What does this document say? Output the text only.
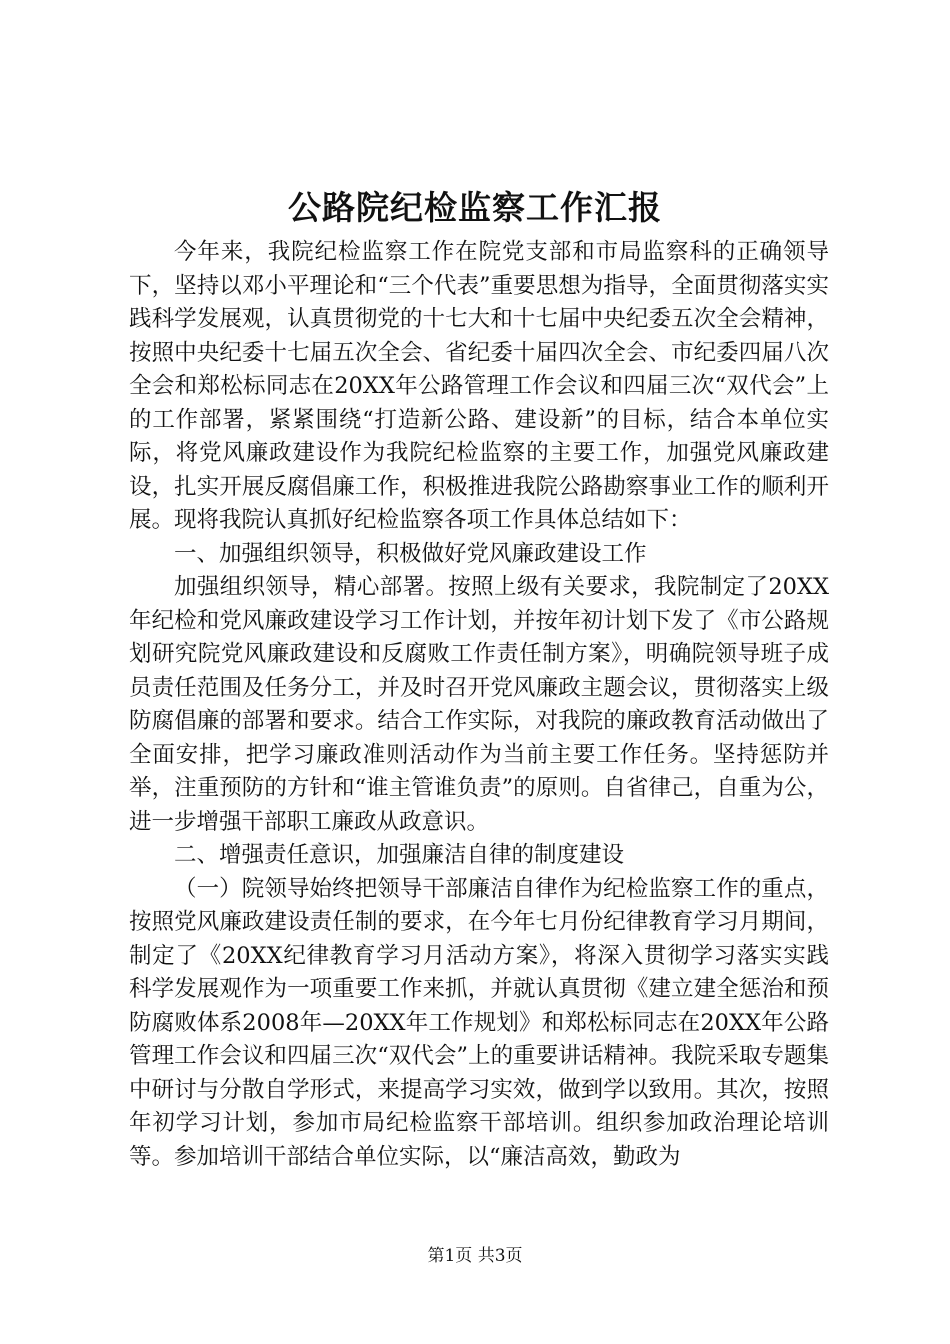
公路院纪检监察工作汇报

今年来，我院纪检监察工作在院党支部和市局监察科的正确领导下，坚持以邓小平理论和“三个代表”重要思想为指导，全面贯彻落实实践科学发展观，认真贯彻党的十七大和十七届中央纪委五次全会精神，按照中央纪委十七届五次全会、省纪委十届四次全会、市纪委四届八次全会和郑松标同志在20XX年公路管理工作会议和四届三次“双代会”上的工作部署，紧紧围绕“打造新公路、建设新”的目标，结合本单位实际，将党风廉政建设作为我院纪检监察的主要工作，加强党风廉政建设，扎实开展反腐倡廉工作，积极推进我院公路勘察事业工作的顺利开展。现将我院认真抓好纪检监察各项工作具体总结如下：

一、加强组织领导，积极做好党风廉政建设工作

加强组织领导，精心部署。按照上级有关要求，我院制定了20XX年纪检和党风廉政建设学习工作计划，并按年初计划下发了《市公路规划研究院党风廉政建设和反腐败工作责任制方案》，明确院领导班子成员责任范围及任务分工，并及时召开党风廉政主题会议，贯彻落实上级防腐倡廉的部署和要求。结合工作实际，对我院的廉政教育活动做出了全面安排，把学习廉政准则活动作为当前主要工作任务。坚持惩防并举，注重预防的方针和“谁主管谁负责”的原则。自省律己，自重为公，进一步增强干部职工廉政从政意识。

二、增强责任意识，加强廉洁自律的制度建设

（一）院领导始终把领导干部廉洁自律作为纪检监察工作的重点，按照党风廉政建设责任制的要求，在今年七月份纪律教育学习月期间，制定了《20XX纪律教育学习月活动方案》，将深入贯彻学习落实实践科学发展观作为一项重要工作来抓，并就认真贯彻《建立建全惩治和预防腐败体系2008年—20XX年工作规划》和郑松标同志在20XX年公路管理工作会议和四届三次“双代会”上的重要讲话精神。我院采取专题集中研讨与分散自学形式，来提高学习实效，做到学以致用。其次，按照年初学习计划，参加市局纪检监察干部培训。组织参加政治理论培训等。参加培训干部结合单位实际，以“廉洁高效，勤政为

第1页 共3页
